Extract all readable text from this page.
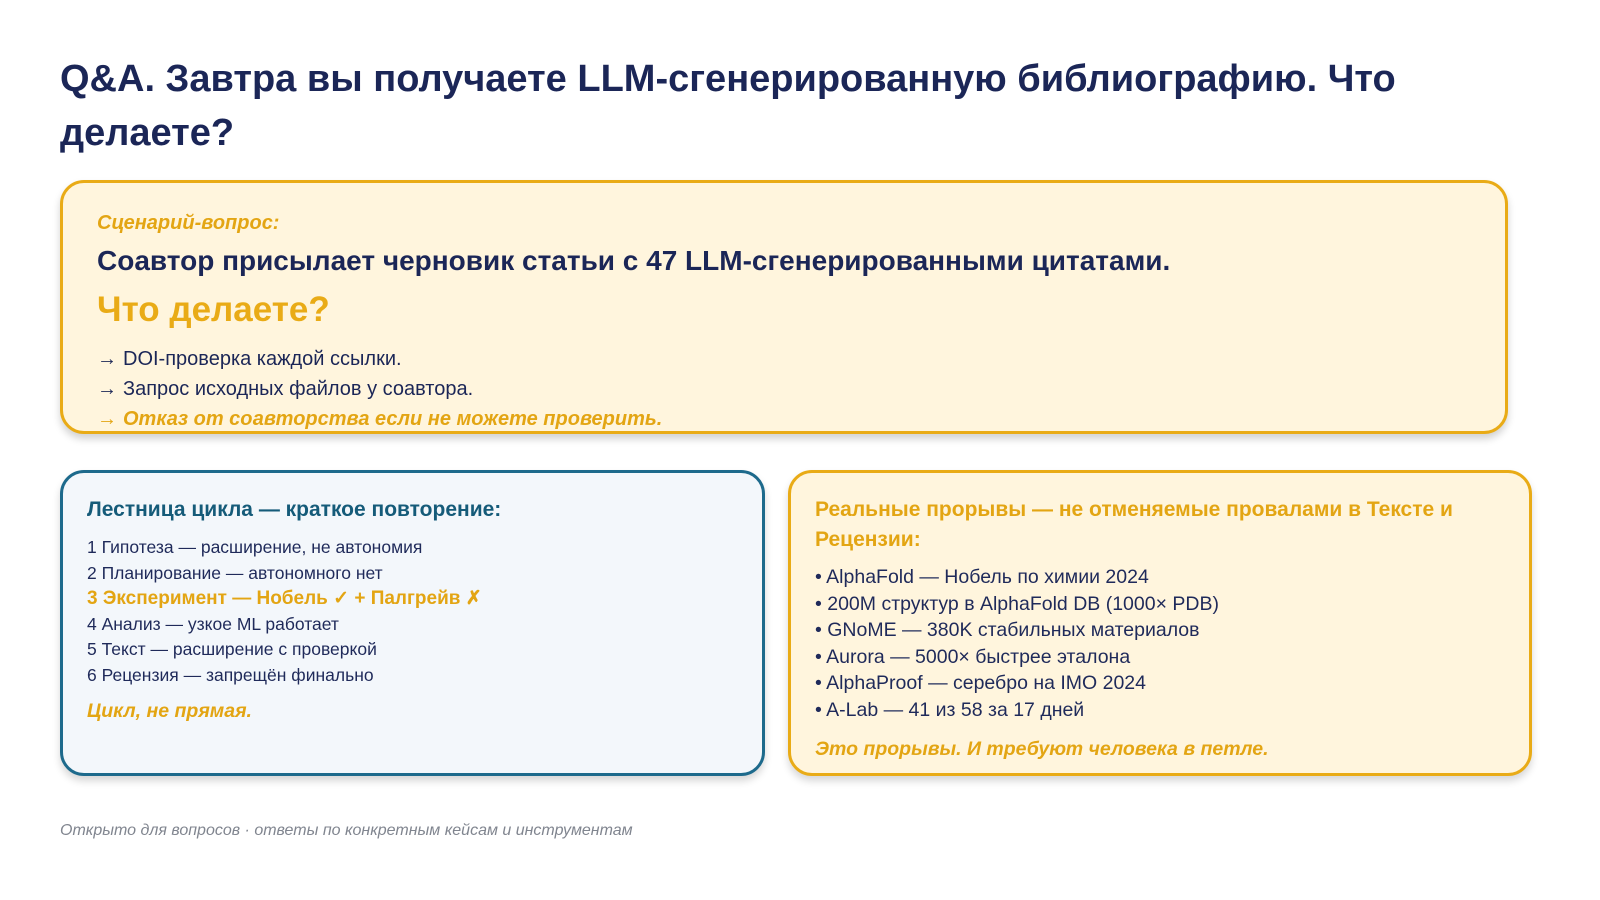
Q&A. Завтра вы получаете LLM-сгенерированную библиографию. Что делаете?
Сценарий-вопрос:
Соавтор присылает черновик статьи с 47 LLM-сгенерированными цитатами.
Что делаете?
→ DOI-проверка каждой ссылки.
→ Запрос исходных файлов у соавтора.
→ Отказ от соавторства если не можете проверить.
Лестница цикла — краткое повторение:
1 Гипотеза — расширение, не автономия
2 Планирование — автономного нет
3 Эксперимент — Нобель ✓ + Палгрейв ✗
4 Анализ — узкое ML работает
5 Текст — расширение с проверкой
6 Рецензия — запрещён финально
Цикл, не прямая.
Реальные прорывы — не отменяемые провалами в Тексте и Рецензии:
• AlphaFold — Нобель по химии 2024
• 200M структур в AlphaFold DB (1000× PDB)
• GNoME — 380K стабильных материалов
• Aurora — 5000× быстрее эталона
• AlphaProof — серебро на IMO 2024
• A-Lab — 41 из 58 за 17 дней
Это прорывы. И требуют человека в петле.
Открыто для вопросов · ответы по конкретным кейсам и инструментам
